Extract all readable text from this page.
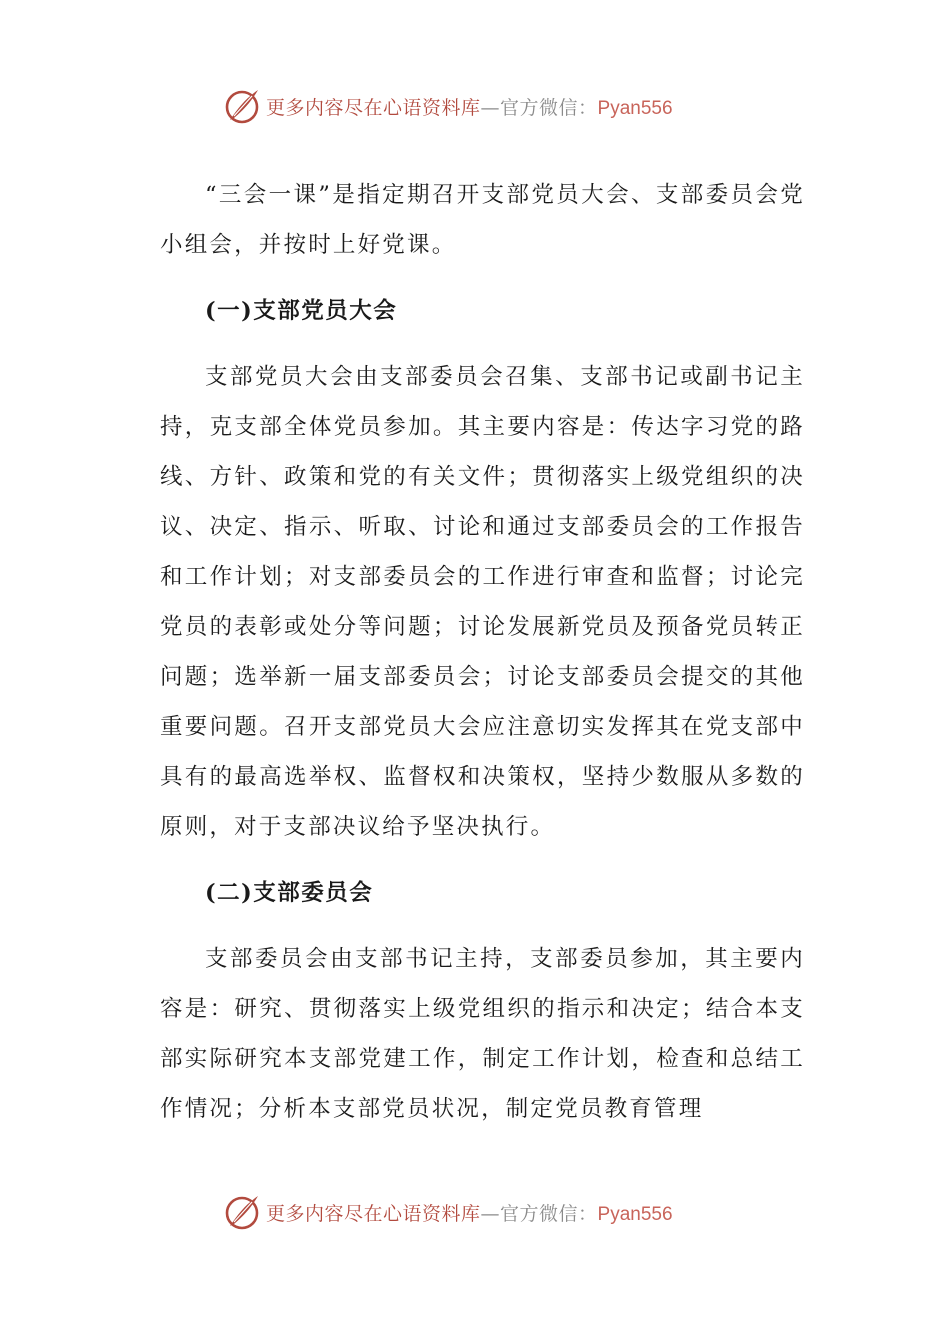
更多内容尽在心语资料库—官方微信：Pyan556

“三会一课”是指定期召开支部党员大会、支部委员会党小组会，并按时上好党课。

(一)支部党员大会

支部党员大会由支部委员会召集、支部书记或副书记主持，克支部全体党员参加。其主要内容是：传达字习党的路线、方针、政策和党的有关文件；贯彻落实上级党组织的决议、决定、指示、听取、讨论和通过支部委员会的工作报告和工作计划；对支部委员会的工作进行审查和监督；讨论完党员的表彰或处分等问题；讨论发展新党员及预备党员转正问题；选举新一届支部委员会；讨论支部委员会提交的其他重要问题。召开支部党员大会应注意切实发挥其在党支部中具有的最高选举权、监督权和决策权，坚持少数服从多数的原则，对于支部决议给予坚决执行。

(二)支部委员会

支部委员会由支部书记主持，支部委员参加，其主要内容是：研究、贯彻落实上级党组织的指示和决定；结合本支部实际研究本支部党建工作，制定工作计划，检查和总结工作情况；分析本支部党员状况，制定党员教育管理

更多内容尽在心语资料库—官方微信：Pyan556
